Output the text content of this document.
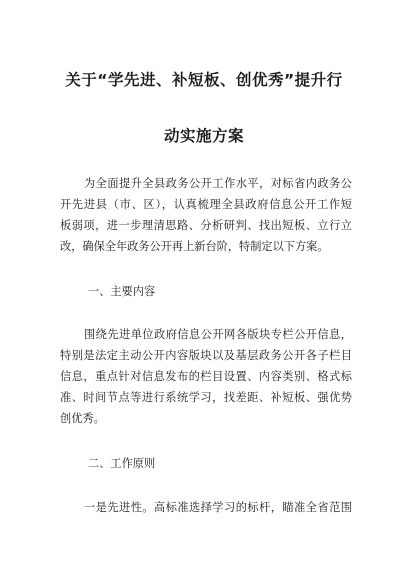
关于“学先进、补短板、创优秀”提升行
动实施方案
为全面提升全县政务公开工作水平，对标省内政务公
开先进县（市、区），认真梳理全县政府信息公开工作短
板弱项，进一步理清思路、分析研判、找出短板、立行立
改，确保全年政务公开再上新台阶，特制定以下方案。
一、主要内容
围绕先进单位政府信息公开网各版块专栏公开信息，
特别是法定主动公开内容版块以及基层政务公开各子栏目
信息，重点针对信息发布的栏目设置、内容类别、格式标
准、时间节点等进行系统学习，找差距、补短板、强优势
创优秀。
二、工作原则
一是先进性。高标准选择学习的标杆，瞄准全省范围
